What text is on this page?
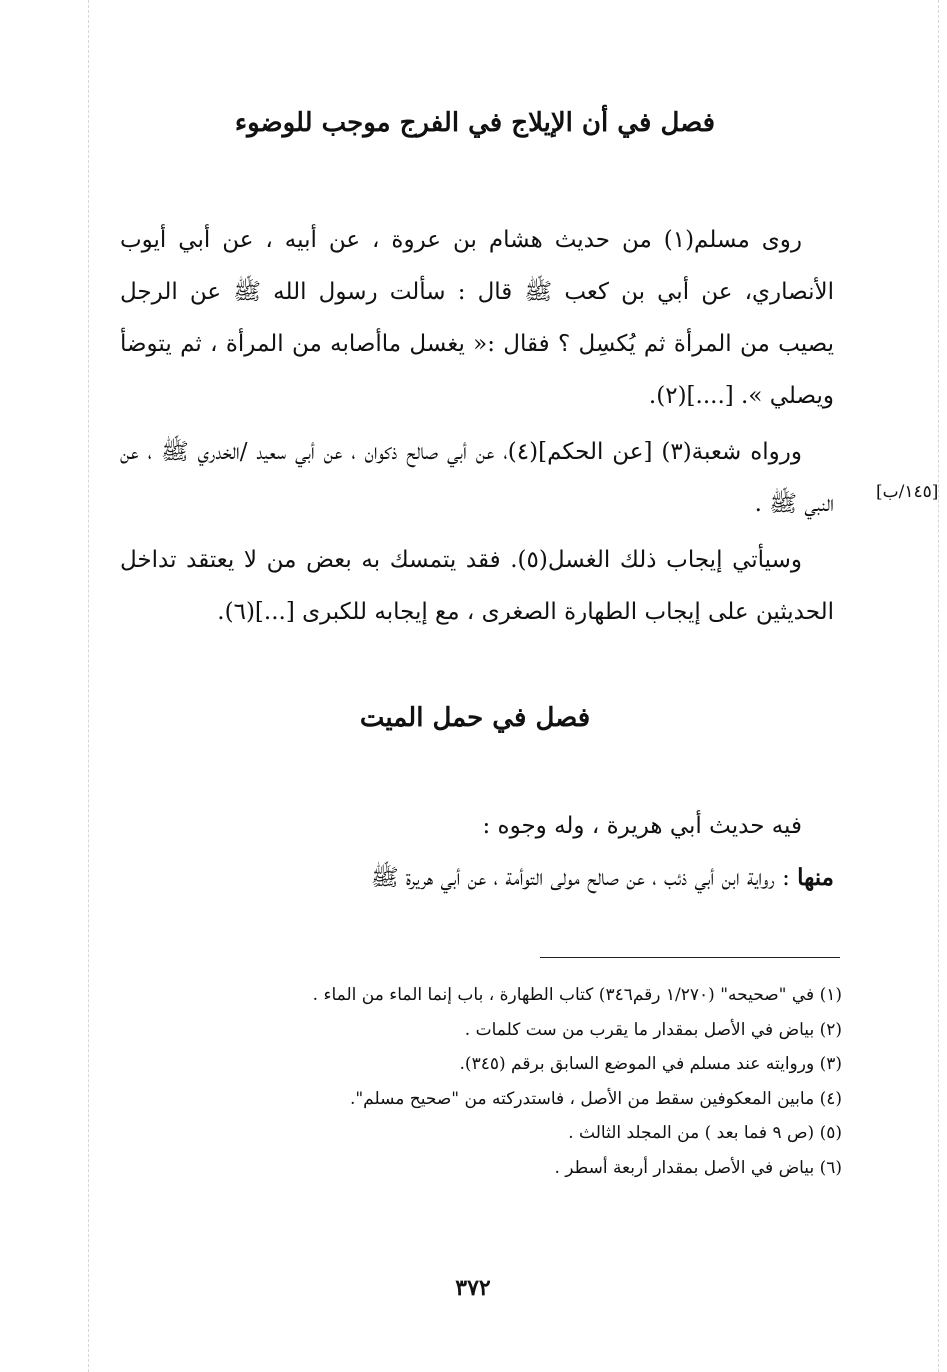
فصل في أن الإيلاج في الفرج موجب للوضوء

روى مسلم(١) من حديث هشام بن عروة ، عن أبيه ، عن أبي أيوب الأنصاري، عن أبي بن كعب ﷺ قال : سألت رسول الله ﷺ عن الرجل يصيب من المرأة ثم يُكسِل ؟ فقال :« يغسل ماأصابه من المرأة ، ثم يتوضأ ويصلي ». [....](٢).

ورواه شعبة(٣) [عن الحكم](٤)، عن أبي صالح ذكوان ، عن أبي سعيد /الخدري ﷺ ، عن النبي ﷺ . [١٤٥/ب]

وسيأتي إيجاب ذلك الغسل(٥). فقد يتمسك به بعض من لا يعتقد تداخل الحديثين على إيجاب الطهارة الصغرى ، مع إيجابه للكبرى [...](٦).

فصل في حمل الميت

فيه حديث أبي هريرة ، وله وجوه :

منها : رواية ابن أبي ذئب ، عن صالح مولى التوأمة ، عن أبي هريرة ﷺ

(١) في "صحيحه" (١/٢٧٠ رقم٣٤٦) كتاب الطهارة ، باب إنما الماء من الماء .

(٢) بياض في الأصل بمقدار ما يقرب من ست كلمات .

(٣) وروايته عند مسلم في الموضع السابق برقم (٣٤٥).

(٤) مابين المعكوفين سقط من الأصل ، فاستدركته من "صحيح مسلم".

(٥) (ص ٩ فما بعد ) من المجلد الثالث .

(٦) بياض في الأصل بمقدار أربعة أسطر .

٣٧٢
